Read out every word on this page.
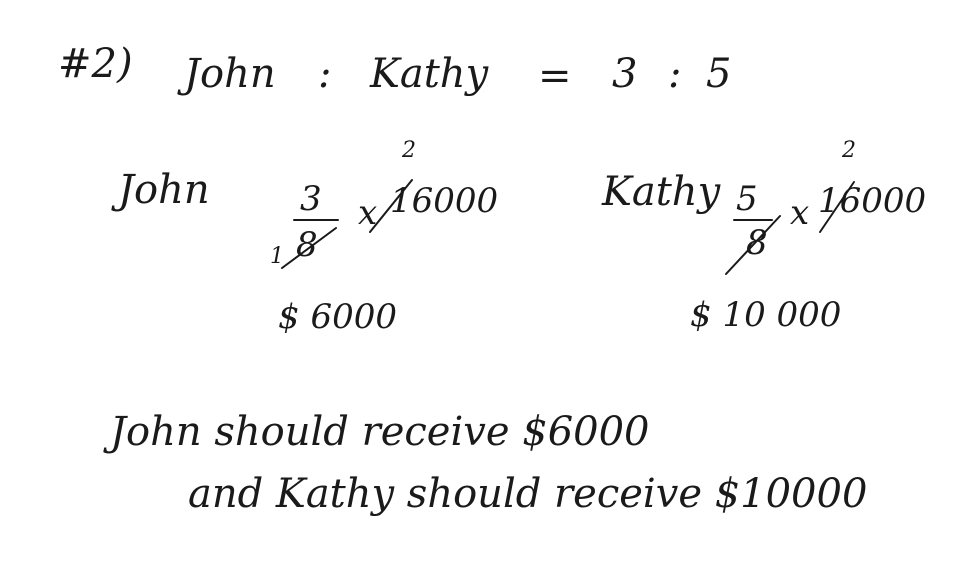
#2) John : Kathy = 3 : 5
John
2
3 x 16000
8
1
$ 6000
Kathy
2
5 x 16000
8
$ 10 000
John should receive $6000
and Kathy should receive $10000
